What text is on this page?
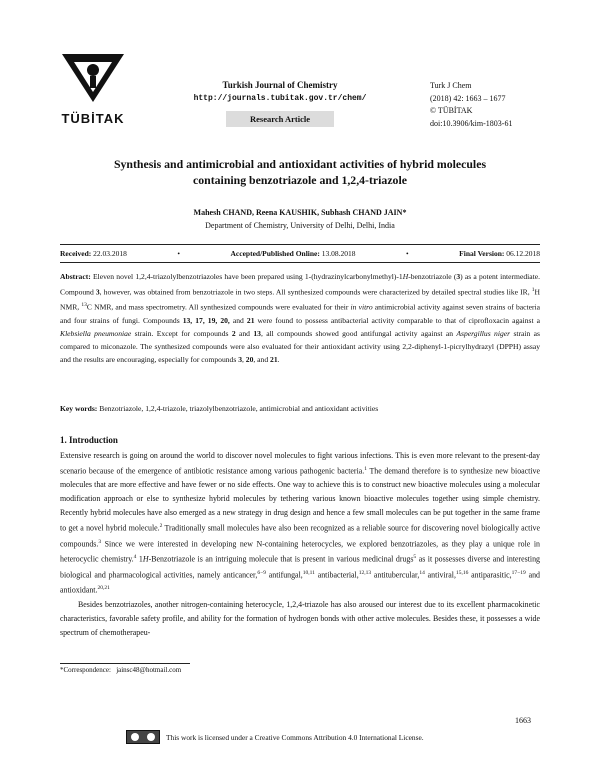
TÜBİTAK
Turkish Journal of Chemistry
http://journals.tubitak.gov.tr/chem/
Research Article
Turk J Chem
(2018) 42: 1663 – 1677
© TÜBİTAK
doi:10.3906/kim-1803-61
Synthesis and antimicrobial and antioxidant activities of hybrid molecules
containing benzotriazole and 1,2,4-triazole
Mahesh CHAND, Reena KAUSHIK, Subhash CHAND JAIN*
Department of Chemistry, University of Delhi, Delhi, India
Received: 22.03.2018	•	Accepted/Published Online: 13.08.2018	•	Final Version: 06.12.2018
Abstract: Eleven novel 1,2,4-triazolylbenzotriazoles have been prepared using 1-(hydrazinylcarbonylmethyl)-1H-benzotriazole (3) as a potent intermediate. Compound 3, however, was obtained from benzotriazole in two steps. All synthesized compounds were characterized by detailed spectral studies like IR, $^1$H NMR, $^{13}$C NMR, and mass spectrometry. All synthesized compounds were evaluated for their in vitro antimicrobial activity against seven strains of bacteria and four strains of fungi. Compounds 13, 17, 19, 20, and 21 were found to possess antibacterial activity comparable to that of ciprofloxacin against a Klebsiella pneumoniae strain. Except for compounds 2 and 13, all compounds showed good antifungal activity against an Aspergillus niger strain as compared to miconazole. The synthesized compounds were also evaluated for their antioxidant activity using 2,2-diphenyl-1-picrylhydrazyl (DPPH) assay and the results are encouraging, especially for compounds 3, 20, and 21.
Key words: Benzotriazole, 1,2,4-triazole, triazolylbenzotriazole, antimicrobial and antioxidant activities
1. Introduction

Extensive research is going on around the world to discover novel molecules to fight various infections. This is even more relevant to the present-day scenario because of the emergence of antibiotic resistance among various pathogenic bacteria.$^1$ The demand therefore is to synthesize new bioactive molecules that are more effective and have fewer or no side effects. One way to achieve this is to construct new bioactive molecules using a molecular modification approach or else to synthesize hybrid molecules by tethering various known bioactive molecules together using simple chemistry. Recently hybrid molecules have also emerged as a new strategy in drug design and hence a few small molecules can be put together in the same frame to get a novel hybrid molecule.$^2$ Traditionally small molecules have also been recognized as a reliable source for discovering novel biologically active compounds.$^3$ Since we were interested in developing new N-containing heterocycles, we explored benzotriazoles, as they play a unique role in heterocyclic chemistry.$^4$ 1H-Benzotriazole is an intriguing molecule that is present in various medicinal drugs$^5$ as it possesses diverse and interesting biological and pharmacological activities, namely anticancer,$^{6-9}$ antifungal,$^{10,11}$ antibacterial,$^{12,13}$ antitubercular,$^{14}$ antiviral,$^{15,16}$ antiparasitic,$^{17-19}$ and antioxidant.$^{20,21}$

Besides benzotriazoles, another nitrogen-containing heterocycle, 1,2,4-triazole has also aroused our interest due to its excellent pharmacokinetic characteristics, favorable safety profile, and ability for the formation of hydrogen bonds with other active molecules. Besides these, it possesses a wide spectrum of chemotherapeu-

*Correspondence: jainsc48@hotmail.com
1663
This work is licensed under a Creative Commons Attribution 4.0 International License.
